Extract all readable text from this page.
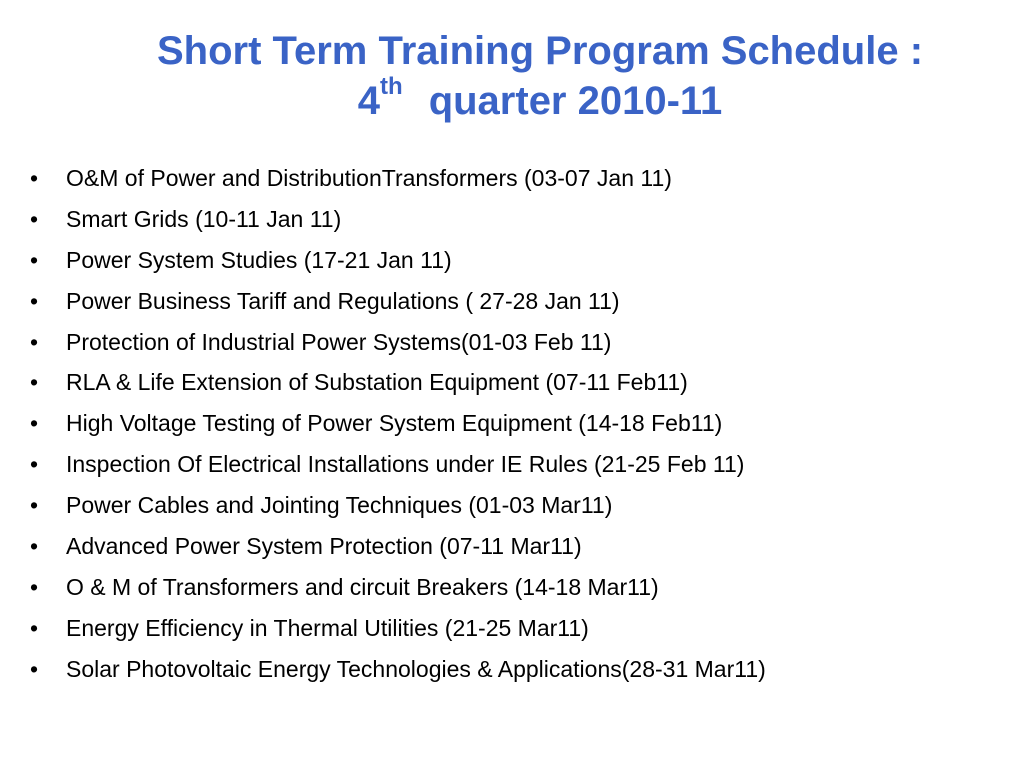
Short Term Training Program Schedule :
4th quarter 2010-11
•	O&M of Power and DistributionTransformers (03-07 Jan 11)
•	Smart Grids (10-11 Jan 11)
•	Power System Studies (17-21 Jan 11)
•	Power Business Tariff and Regulations ( 27-28 Jan 11)
•	Protection of Industrial Power Systems(01-03 Feb 11)
•	RLA & Life Extension of Substation Equipment (07-11 Feb11)
•	High Voltage Testing of Power System Equipment (14-18 Feb11)
•	Inspection Of Electrical Installations under IE Rules (21-25 Feb 11)
•	Power Cables and Jointing Techniques (01-03 Mar11)
•	Advanced Power System Protection (07-11 Mar11)
•	O & M of Transformers and circuit Breakers (14-18 Mar11)
•	Energy Efficiency in Thermal Utilities (21-25 Mar11)
•	Solar Photovoltaic Energy Technologies & Applications(28-31 Mar11)
